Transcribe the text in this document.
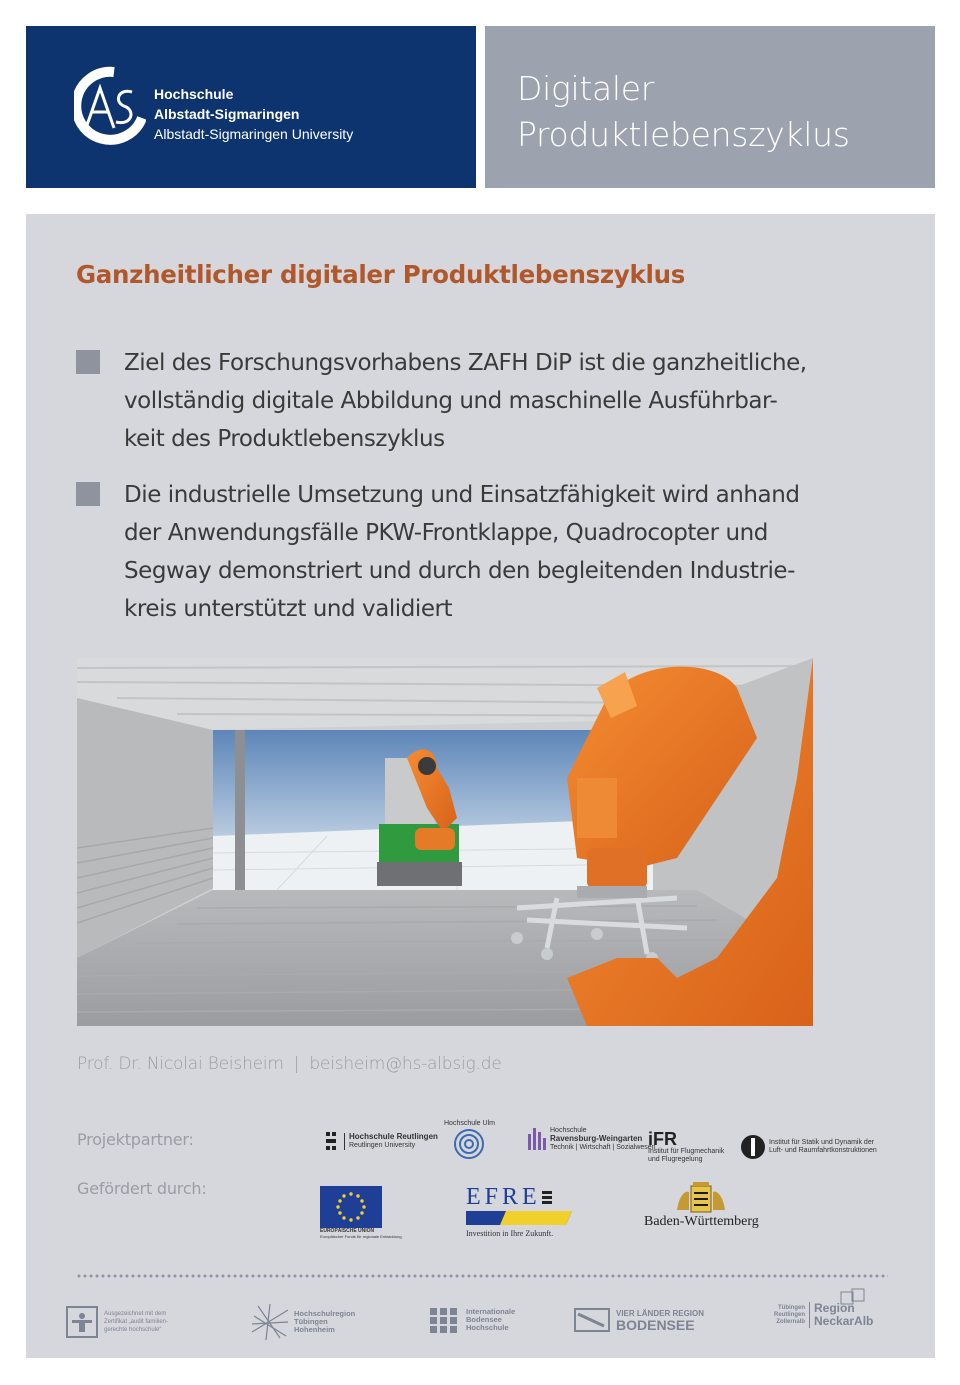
Hochschule
Albstadt-Sigmaringen
Albstadt-Sigmaringen University
Digitaler
Produktlebenszyklus
Ganzheitlicher digitaler Produktlebenszyklus
Ziel des Forschungsvorhabens ZAFH DiP ist die ganzheitliche,
vollständig digitale Abbildung und maschinelle Ausführbar-
keit des Produktlebenszyklus
Die industrielle Umsetzung und Einsatzfähigkeit wird anhand
der Anwendungsfälle PKW-Frontklappe, Quadrocopter und
Segway demonstriert und durch den begleitenden Industrie-
kreis unterstützt und validiert
Prof. Dr. Nicolai Beisheim | beisheim@hs-albsig.de
Projektpartner:
Gefördert durch:
Hochschule Reutlingen
Reutlingen University
Hochschule Ulm
Hochschule
Ravensburg-Weingarten
Technik | Wirtschaft | Sozialwesen
iFR
Institut für Flugmechanik
und Flugregelung
Institut für Statik und Dynamik der
Luft- und Raumfahrtkonstruktionen
EUROPÄISCHE UNION
Europäischer Fonds für regionale Entwicklung
EFRE
Investition in Ihre Zukunft.
Baden-Württemberg
Ausgezeichnet mit dem
Zertifikat „audit familien-
gerechte hochschule“
Hochschulregion
Tübingen
Hohenheim
Internationale
Bodensee
Hochschule
VIER LÄNDER REGION
BODENSEE
Tübingen
Reutlingen
Zollernalb
Region
NeckarAlb
